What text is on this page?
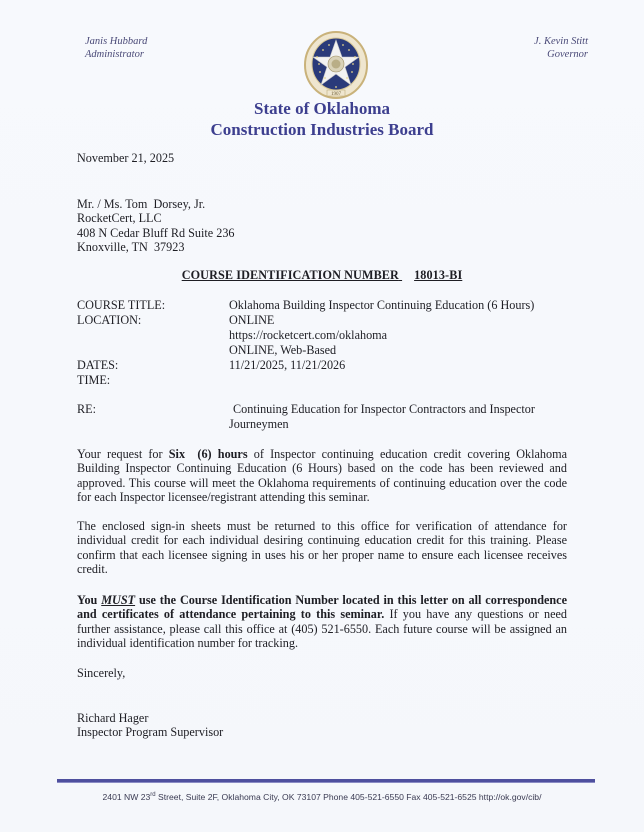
Janis Hubbard
Administrator
J. Kevin Stitt
Governor
1907
State of Oklahoma
Construction Industries Board
November 21, 2025
Mr. / Ms. Tom  Dorsey, Jr.
RocketCert, LLC
408 N Cedar Bluff Rd Suite 236
Knoxville, TN  37923
COURSE IDENTIFICATION NUMBER 18013-BI
COURSE TITLE:	Oklahoma Building Inspector Continuing Education (6 Hours)
LOCATION:	ONLINE
https://rocketcert.com/oklahoma
ONLINE, Web-Based
DATES:	11/21/2025, 11/21/2026
TIME:
RE:	Continuing Education for Inspector Contractors and Inspector
Journeymen
Your request for Six  (6) hours of Inspector continuing education credit covering Oklahoma Building Inspector Continuing Education (6 Hours) based on the code has been reviewed and approved. This course will meet the Oklahoma requirements of continuing education over the code for each Inspector licensee/registrant attending this seminar.
The enclosed sign-in sheets must be returned to this office for verification of attendance for individual credit for each individual desiring continuing education credit for this training. Please confirm that each licensee signing in uses his or her proper name to ensure each licensee receives credit.
You MUST use the Course Identification Number located in this letter on all correspondence and certificates of attendance pertaining to this seminar. If you have any questions or need further assistance, please call this office at (405) 521-6550. Each future course will be assigned an individual identification number for tracking.
Sincerely,
Richard Hager
Inspector Program Supervisor
2401 NW 23rd Street, Suite 2F, Oklahoma City, OK 73107 Phone 405-521-6550 Fax 405-521-6525 http://ok.gov/cib/
